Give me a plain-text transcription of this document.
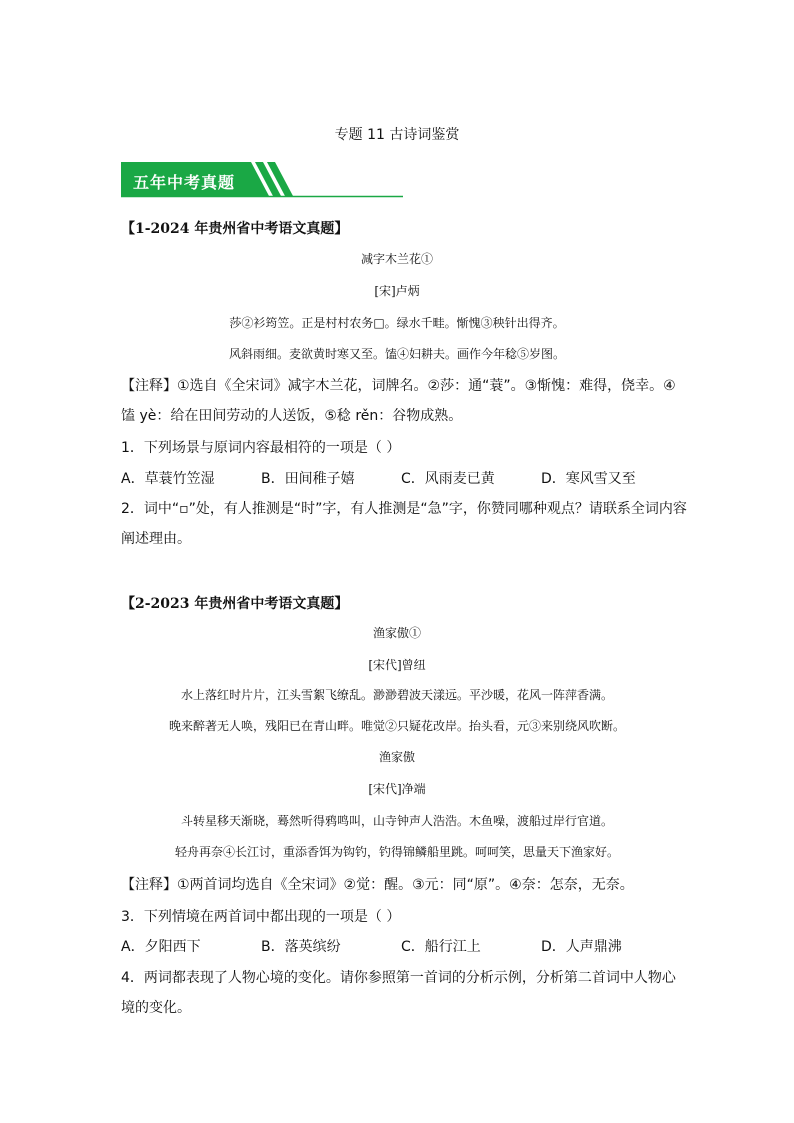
专题 11 古诗词鉴赏
五年中考真题
【1-2024 年贵州省中考语文真题】
减字木兰花①
[宋]卢炳
莎②衫筠笠。正是村村农务□。绿水千畦。惭愧③秧针出得齐。
风斜雨细。麦欲黄时寒又至。馌④妇耕夫。画作今年稔⑤岁图。
【注释】①选自《全宋词》减字木兰花，词牌名。②莎：通“蓑”。③惭愧：难得，侥幸。④
馌 yè：给在田间劳动的人送饭，⑤稔 rěn：谷物成熟。
1．下列场景与原词内容最相符的一项是（ ）
A．草蓑竹笠湿	B．田间稚子嬉	C．风雨麦已黄	D．寒风雪又至
2．词中“▫”处，有人推测是“时”字，有人推测是“急”字，你赞同哪种观点？请联系全词内容
阐述理由。
【2-2023 年贵州省中考语文真题】
渔家傲①
[宋代]曾纽
水上落红时片片，江头雪絮飞缭乱。渺渺碧波天漾远。平沙暖，花风一阵萍香满。
晚来醉著无人唤，残阳已在青山畔。唯觉②只疑花改岸。抬头看，元③来别绕风吹断。
渔家傲
[宋代]净端
斗转星移天渐晓，蓦然听得鸦鸣叫，山寺钟声人浩浩。木鱼噪，渡船过岸行官道。
轻舟再奈④长江讨，重添香饵为钩钓，钓得锦鳞船里跳。呵呵笑，思量天下渔家好。
【注释】①两首词均选自《全宋词》②觉：醒。③元：同“原”。④奈：怎奈，无奈。
3．下列情境在两首词中都出现的一项是（ ）
A．夕阳西下	B．落英缤纷	C．船行江上	D．人声鼎沸
4．两词都表现了人物心境的变化。请你参照第一首词的分析示例，分析第二首词中人物心
境的变化。
